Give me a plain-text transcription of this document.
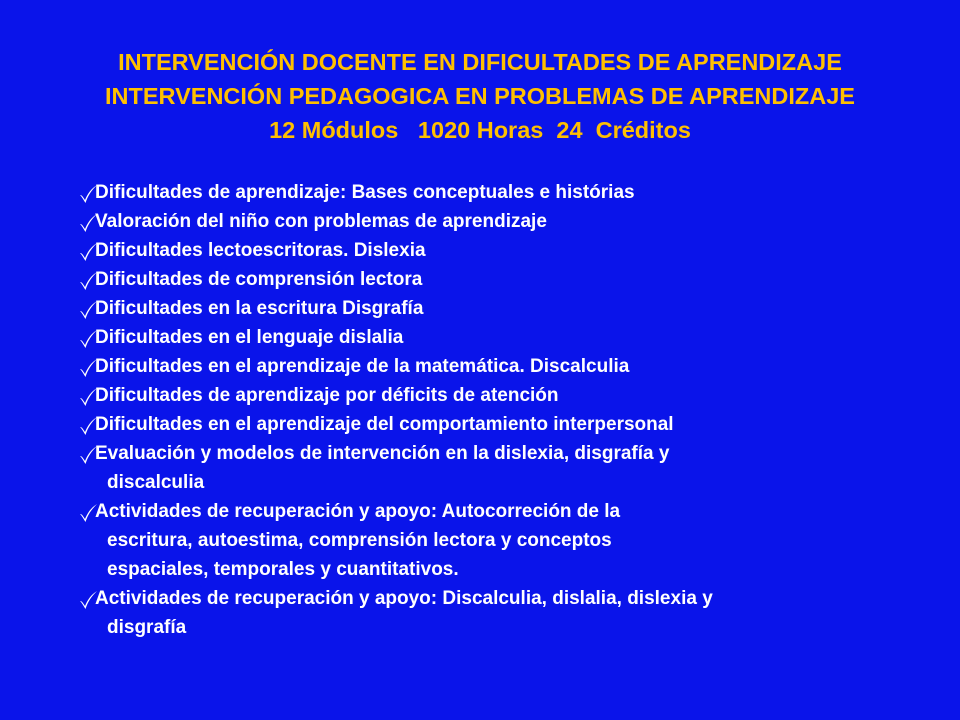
INTERVENCIÓN DOCENTE EN DIFICULTADES DE APRENDIZAJE
INTERVENCIÓN PEDAGOGICA EN PROBLEMAS DE APRENDIZAJE
12 Módulos   1020 Horas  24  Créditos
Dificultades de aprendizaje: Bases conceptuales e histórias
Valoración del niño con problemas de aprendizaje
Dificultades lectoescritoras. Dislexia
Dificultades de comprensión lectora
Dificultades en la escritura Disgrafía
Dificultades en el lenguaje dislalia
Dificultades en el aprendizaje de la matemática. Discalculia
Dificultades de aprendizaje por déficits de atención
Dificultades en el aprendizaje del comportamiento interpersonal
Evaluación y modelos de intervención en la dislexia, disgrafía y
discalculia
Actividades de recuperación y apoyo: Autocorreción de la
escritura, autoestima, comprensión lectora y conceptos
espaciales, temporales y cuantitativos.
Actividades de recuperación y apoyo: Discalculia, dislalia, dislexia y
disgrafía
